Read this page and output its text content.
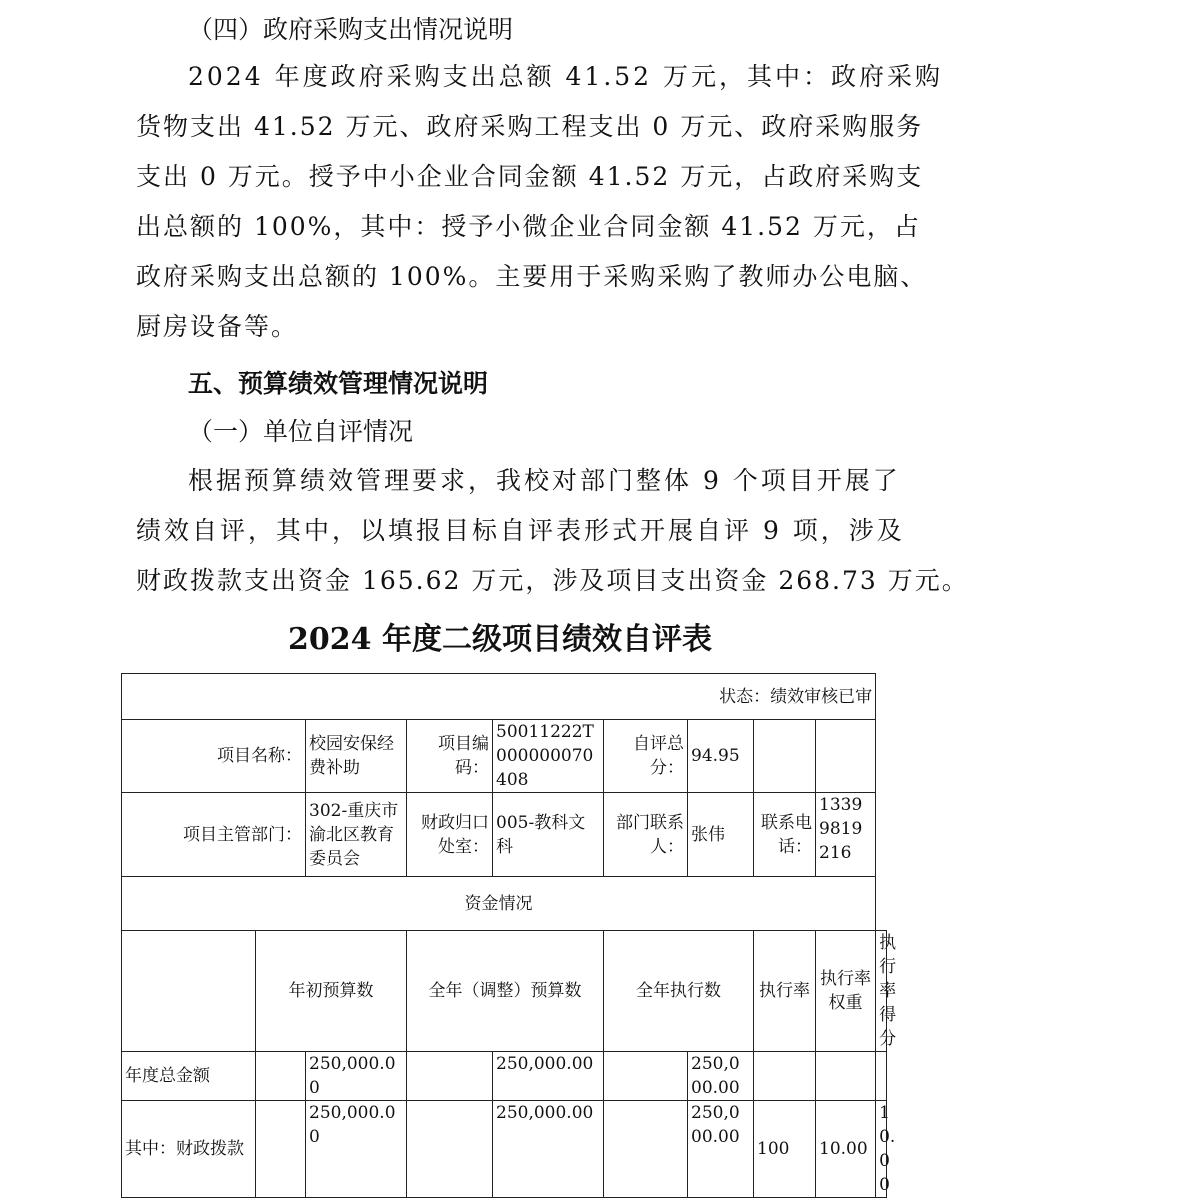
（四）政府采购支出情况说明
2024 年度政府采购支出总额 41.52 万元，其中：政府采购
货物支出 41.52 万元、政府采购工程支出 0 万元、政府采购服务
支出 0 万元。授予中小企业合同金额 41.52 万元，占政府采购支
出总额的 100%，其中：授予小微企业合同金额 41.52 万元，占
政府采购支出总额的 100%。主要用于采购采购了教师办公电脑、
厨房设备等。
五、预算绩效管理情况说明
（一）单位自评情况
根据预算绩效管理要求，我校对部门整体 9 个项目开展了
绩效自评，其中，以填报目标自评表形式开展自评 9 项，涉及
财政拨款支出资金 165.62 万元，涉及项目支出资金 268.73 万元。
2024 年度二级项目绩效自评表
状态：绩效审核已审									
项目名称：		校园安保经费补助	项目编码：	50011222T000000070408	自评总分：	94.95			
项目主管部门：		302-重庆市渝北区教育委员会	财政归口处室：	005-教科文科	部门联系人：	张伟	联系电话：	13399819216	
资金情况									
	年初预算数		全年（调整）预算数		全年执行数		执行率	执行率权重	执行率得分
年度总金额		250,000.00		250,000.00		250,000.00			
其中：财政拨款		250,000.00		250,000.00		250,000.00	100	10.00	10.00
